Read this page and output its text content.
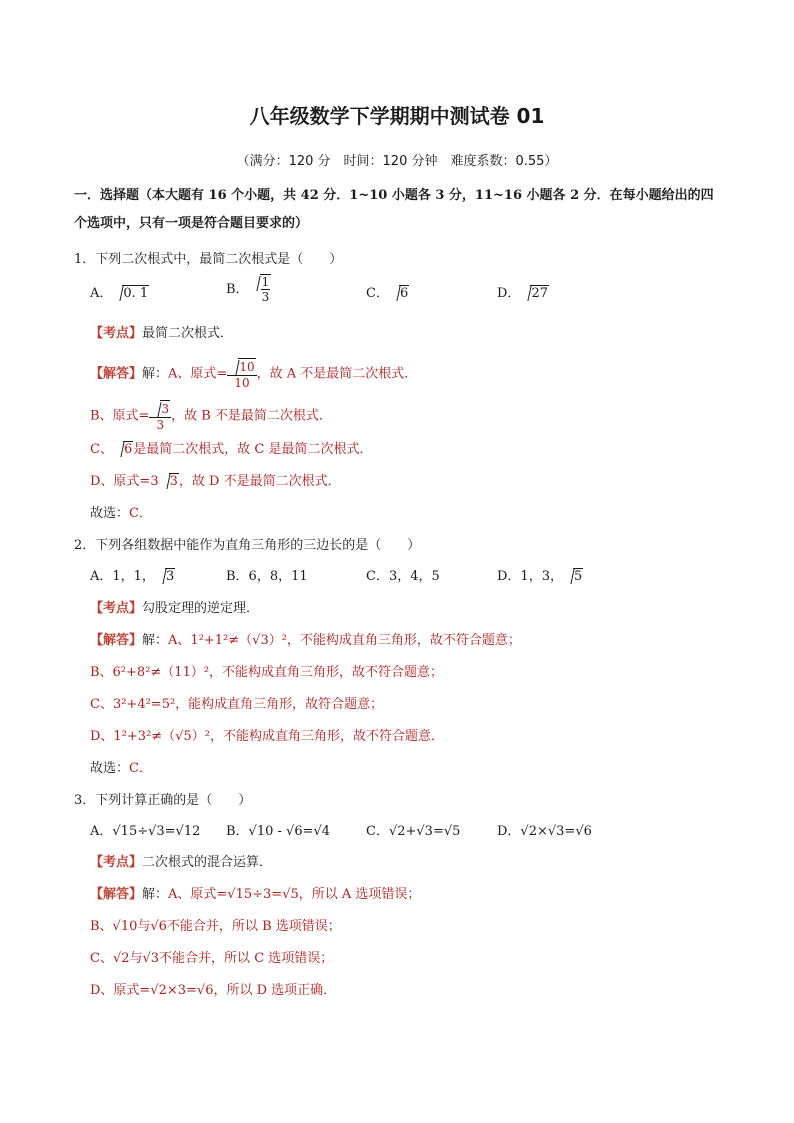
八年级数学下学期期中测试卷 01
（满分：120 分　时间：120 分钟　难度系数：0.55）
一．选择题（本大题有 16 个小题，共 42 分．1~10 小题各 3 分，11~16 小题各 2 分．在每小题给出的四
个选项中，只有一项是符合题目要求的）
1．下列二次根式中，最简二次根式是（　　）
A． 0. 1	B． $\frac{1}{3}$	C． 6	D． 27
【考点】最简二次根式．
【解答】解：A、原式= $\frac{10}{10}$ ，故 A 不是最简二次根式．
B、原式= $\frac{3}{3}$ ，故 B 不是最简二次根式．
C、 6是最简二次根式，故 C 是最简二次根式．
D、原式=3 3，故 D 不是最简二次根式．
故选：C．
2．下列各组数据中能作为直角三角形的三边长的是（　　）
A．1，1， 3	B．6，8，11	C．3，4，5	D．1，3， 5
【考点】勾股定理的逆定理．
【解答】解：A、1²+1²≠（√3）²，不能构成直角三角形，故不符合题意；
B、6²+8²≠（11）²，不能构成直角三角形，故不符合题意；
C、3²+4²=5²，能构成直角三角形，故符合题意；
D、1²+3²≠（√5）²，不能构成直角三角形，故不符合题意．
故选：C．
3．下列计算正确的是（　　）
A．√15÷√3=√12 B．√10 - √6=√4	C．√2+√3=√5	D．√2×√3=√6
【考点】二次根式的混合运算．
【解答】解：A、原式=√15÷3=√5，所以 A 选项错误；
B、√10与√6不能合并，所以 B 选项错误；
C、√2与√3不能合并，所以 C 选项错误；
D、原式=√2×3=√6，所以 D 选项正确．
